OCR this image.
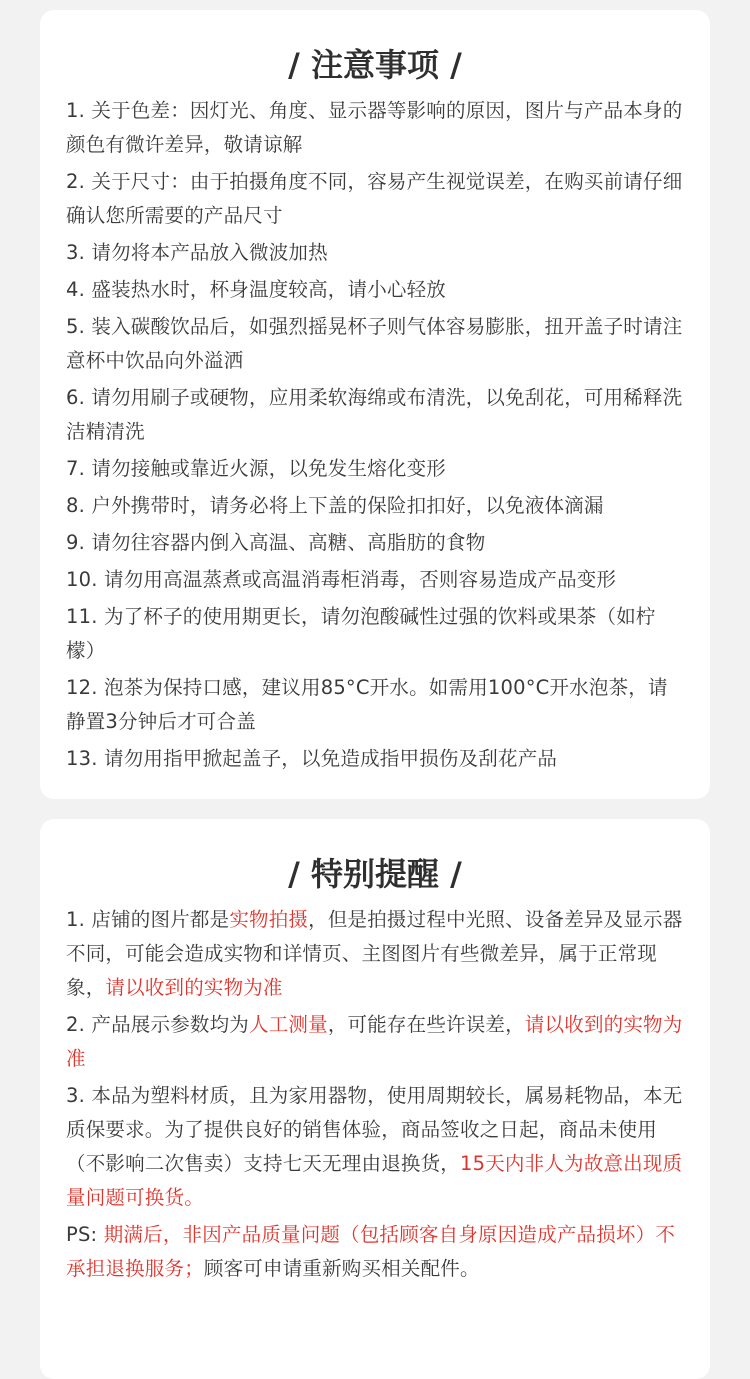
/ 注意事项 /
1. 关于色差：因灯光、角度、显示器等影响的原因，图片与产品本身的颜色有微许差异，敬请谅解
2. 关于尺寸：由于拍摄角度不同，容易产生视觉误差，在购买前请仔细确认您所需要的产品尺寸
3. 请勿将本产品放入微波加热
4. 盛装热水时，杯身温度较高，请小心轻放
5. 装入碳酸饮品后，如强烈摇晃杯子则气体容易膨胀，扭开盖子时请注意杯中饮品向外溢洒
6. 请勿用刷子或硬物，应用柔软海绵或布清洗，以免刮花，可用稀释洗洁精清洗
7. 请勿接触或靠近火源，以免发生熔化变形
8. 户外携带时，请务必将上下盖的保险扣扣好，以免液体滴漏
9. 请勿往容器内倒入高温、高糖、高脂肪的食物
10. 请勿用高温蒸煮或高温消毒柜消毒，否则容易造成产品变形
11. 为了杯子的使用期更长，请勿泡酸碱性过强的饮料或果茶（如柠檬）
12. 泡茶为保持口感，建议用85°C开水。如需用100°C开水泡茶，请静置3分钟后才可合盖
13. 请勿用指甲掀起盖子，以免造成指甲损伤及刮花产品
/ 特别提醒 /
1. 店铺的图片都是实物拍摄，但是拍摄过程中光照、设备差异及显示器不同，可能会造成实物和详情页、主图图片有些微差异，属于正常现象，请以收到的实物为准
2. 产品展示参数均为人工测量，可能存在些许误差，请以收到的实物为准
3. 本品为塑料材质，且为家用器物，使用周期较长，属易耗物品，本无质保要求。为了提供良好的销售体验，商品签收之日起，商品未使用（不影响二次售卖）支持七天无理由退换货，15天内非人为故意出现质量问题可换货。
PS: 期满后，非因产品质量问题（包括顾客自身原因造成产品损坏）不承担退换服务；顾客可申请重新购买相关配件。
